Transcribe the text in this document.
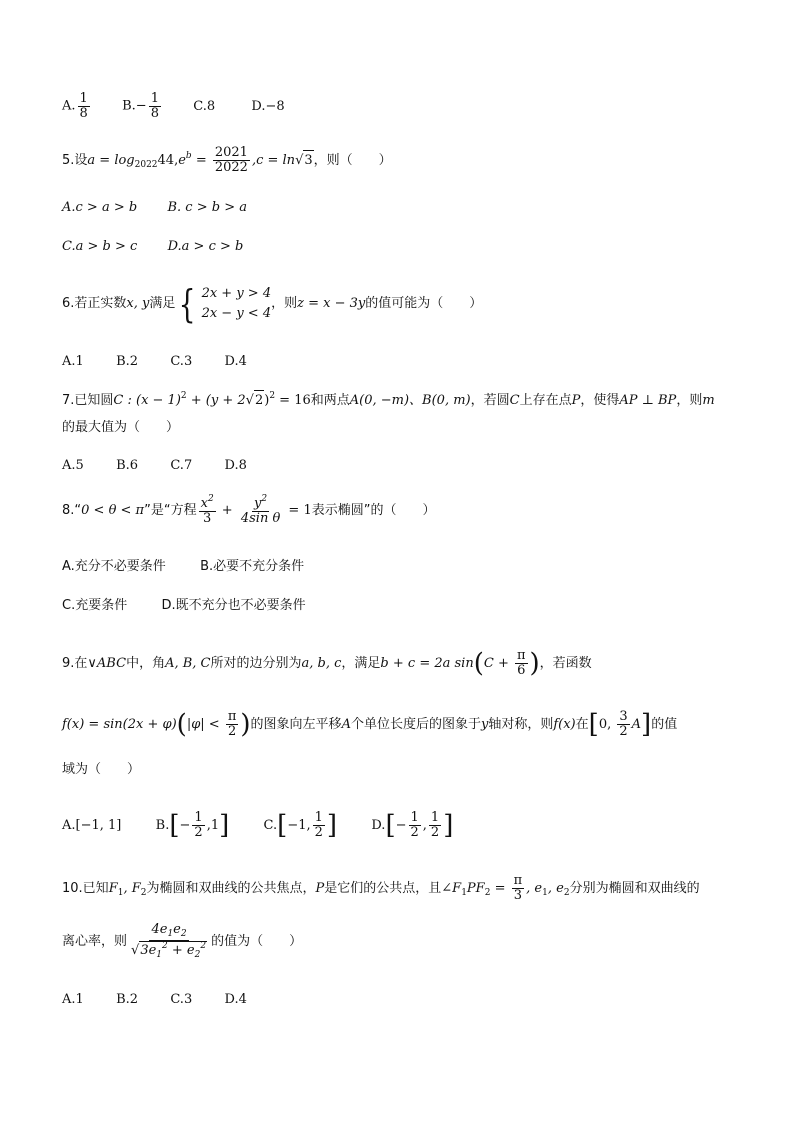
A. $\frac{1}{8} B.- \frac{1}{8} C.8$	D.−8
5.设$a = \log_{2022}44,e^b = \frac{2021}{2022} ,c = \ln√3$，则（　　）
A.c > a > b B. c > b > a
C.a > b > c D.a > c > b
6.若正实数x, y满足 { 2x + y > 4
2x − y < 4
，则z = x − 3y的值可能为（　　）
A.1 B.2 C.3 D.4
7.已知圆C : $(x - 1)^2 + (y + 2√2)^2 = 16$和两点A(0, −m)、B(0, m)，若圆C上存在点P，使得AP ⊥ BP，则m
的最大值为（　　）
A.5 B.6 C.7 D.8
8.“0 < θ < π”是“方程 $\frac{x^2}{3} + \frac{y^2}{\text{4sin θ}} = 1$表示椭圆”的（　　）
A.充分不必要条件	B.必要不充分条件
C.充要条件	D.既不充分也不必要条件
9.在∨ABC中，角A, B, C所对的边分别为a, b, c，满足b + c = 2a $\sin(C + \frac{\pi}{6}$ )，若函数
$f(x) = \sin(2x + \varphi)(|\varphi| < \frac{\pi}{2}$ )的图象向左平移A个单位长度后的图象于y轴对称，则f(x)在[0, $\frac{3}{2} A$]的值
域为（　　）
A.[−1, 1]	$B.[- \frac{1}{2} ,1]$	C.[−1, $\frac{1}{2}$ ]	$D.[- \frac{1}{2}$ , $\frac{1}{2}$ ]
10.已知$F_1$, $F_2$为椭圆和双曲线的公共焦点，P是它们的公共点，且$\angle F_1PF_2 = \frac{\pi}{3}$ , $e_1$, $e_2$分别为椭圆和双曲线的
离心率，则 $\frac{4e_1e_2}{√3e_1^2 + e_2^2}$ 的值为（　　）
A.1 B.2 C.3 D.4
